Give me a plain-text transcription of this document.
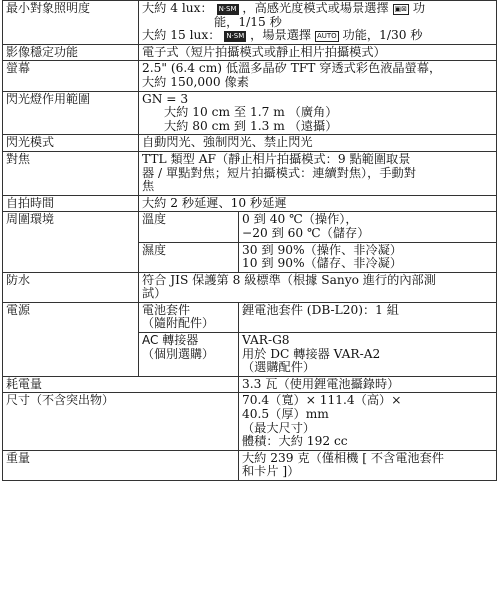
最小對象照明度	大約 4 lux： N·SM ，高感光度模式或場景選擇 ▣⊠ 功
能，1/15 秒
大約 15 lux： N·SM ，場景選擇 AUTO 功能，1/30 秒	

影像穩定功能	電子式（短片拍攝模式或靜止相片拍攝模式）	
螢幕	2.5" (6.4 cm) 低溫多晶矽 TFT 穿透式彩色液晶螢幕，
大約 150,000 像素	

閃光燈作用範圍	GN = 3
大約 10 cm 至 1.7 m （廣角）
大約 80 cm 到 1.3 m （遠攝）	

閃光模式	自動閃光、強制閃光、禁止閃光	
對焦	TTL 類型 AF（靜止相片拍攝模式：9 點範圍取景
器 / 單點對焦；短片拍攝模式：連續對焦），手動對
焦	

自拍時間	大約 2 秒延遲、10 秒延遲	
周圍環境	溫度	0 到 40 ℃（操作），
−20 到 60 ℃（儲存）

	濕度	30 到 90%（操作、非冷凝）
10 到 90%（儲存、非冷凝）

防水	符合 JIS 保護第 8 級標準（根據 Sanyo 進行的內部測
試）	

電源	電池套件
（隨附配件）	鋰電池套件 (DB-L20)：1 組

	AC 轉接器
（個別選購）	VAR-G8
用於 DC 轉接器 VAR-A2
（選購配件）

耗電量		3.3 瓦（使用鋰電池攝錄時）
尺寸（不含突出物）		70.4（寬）× 111.4（高）×
40.5（厚）mm
（最大尺寸）
體積：大約 192 cc

重量		大約 239 克（僅相機 [ 不含電池套件
和卡片 ]）
